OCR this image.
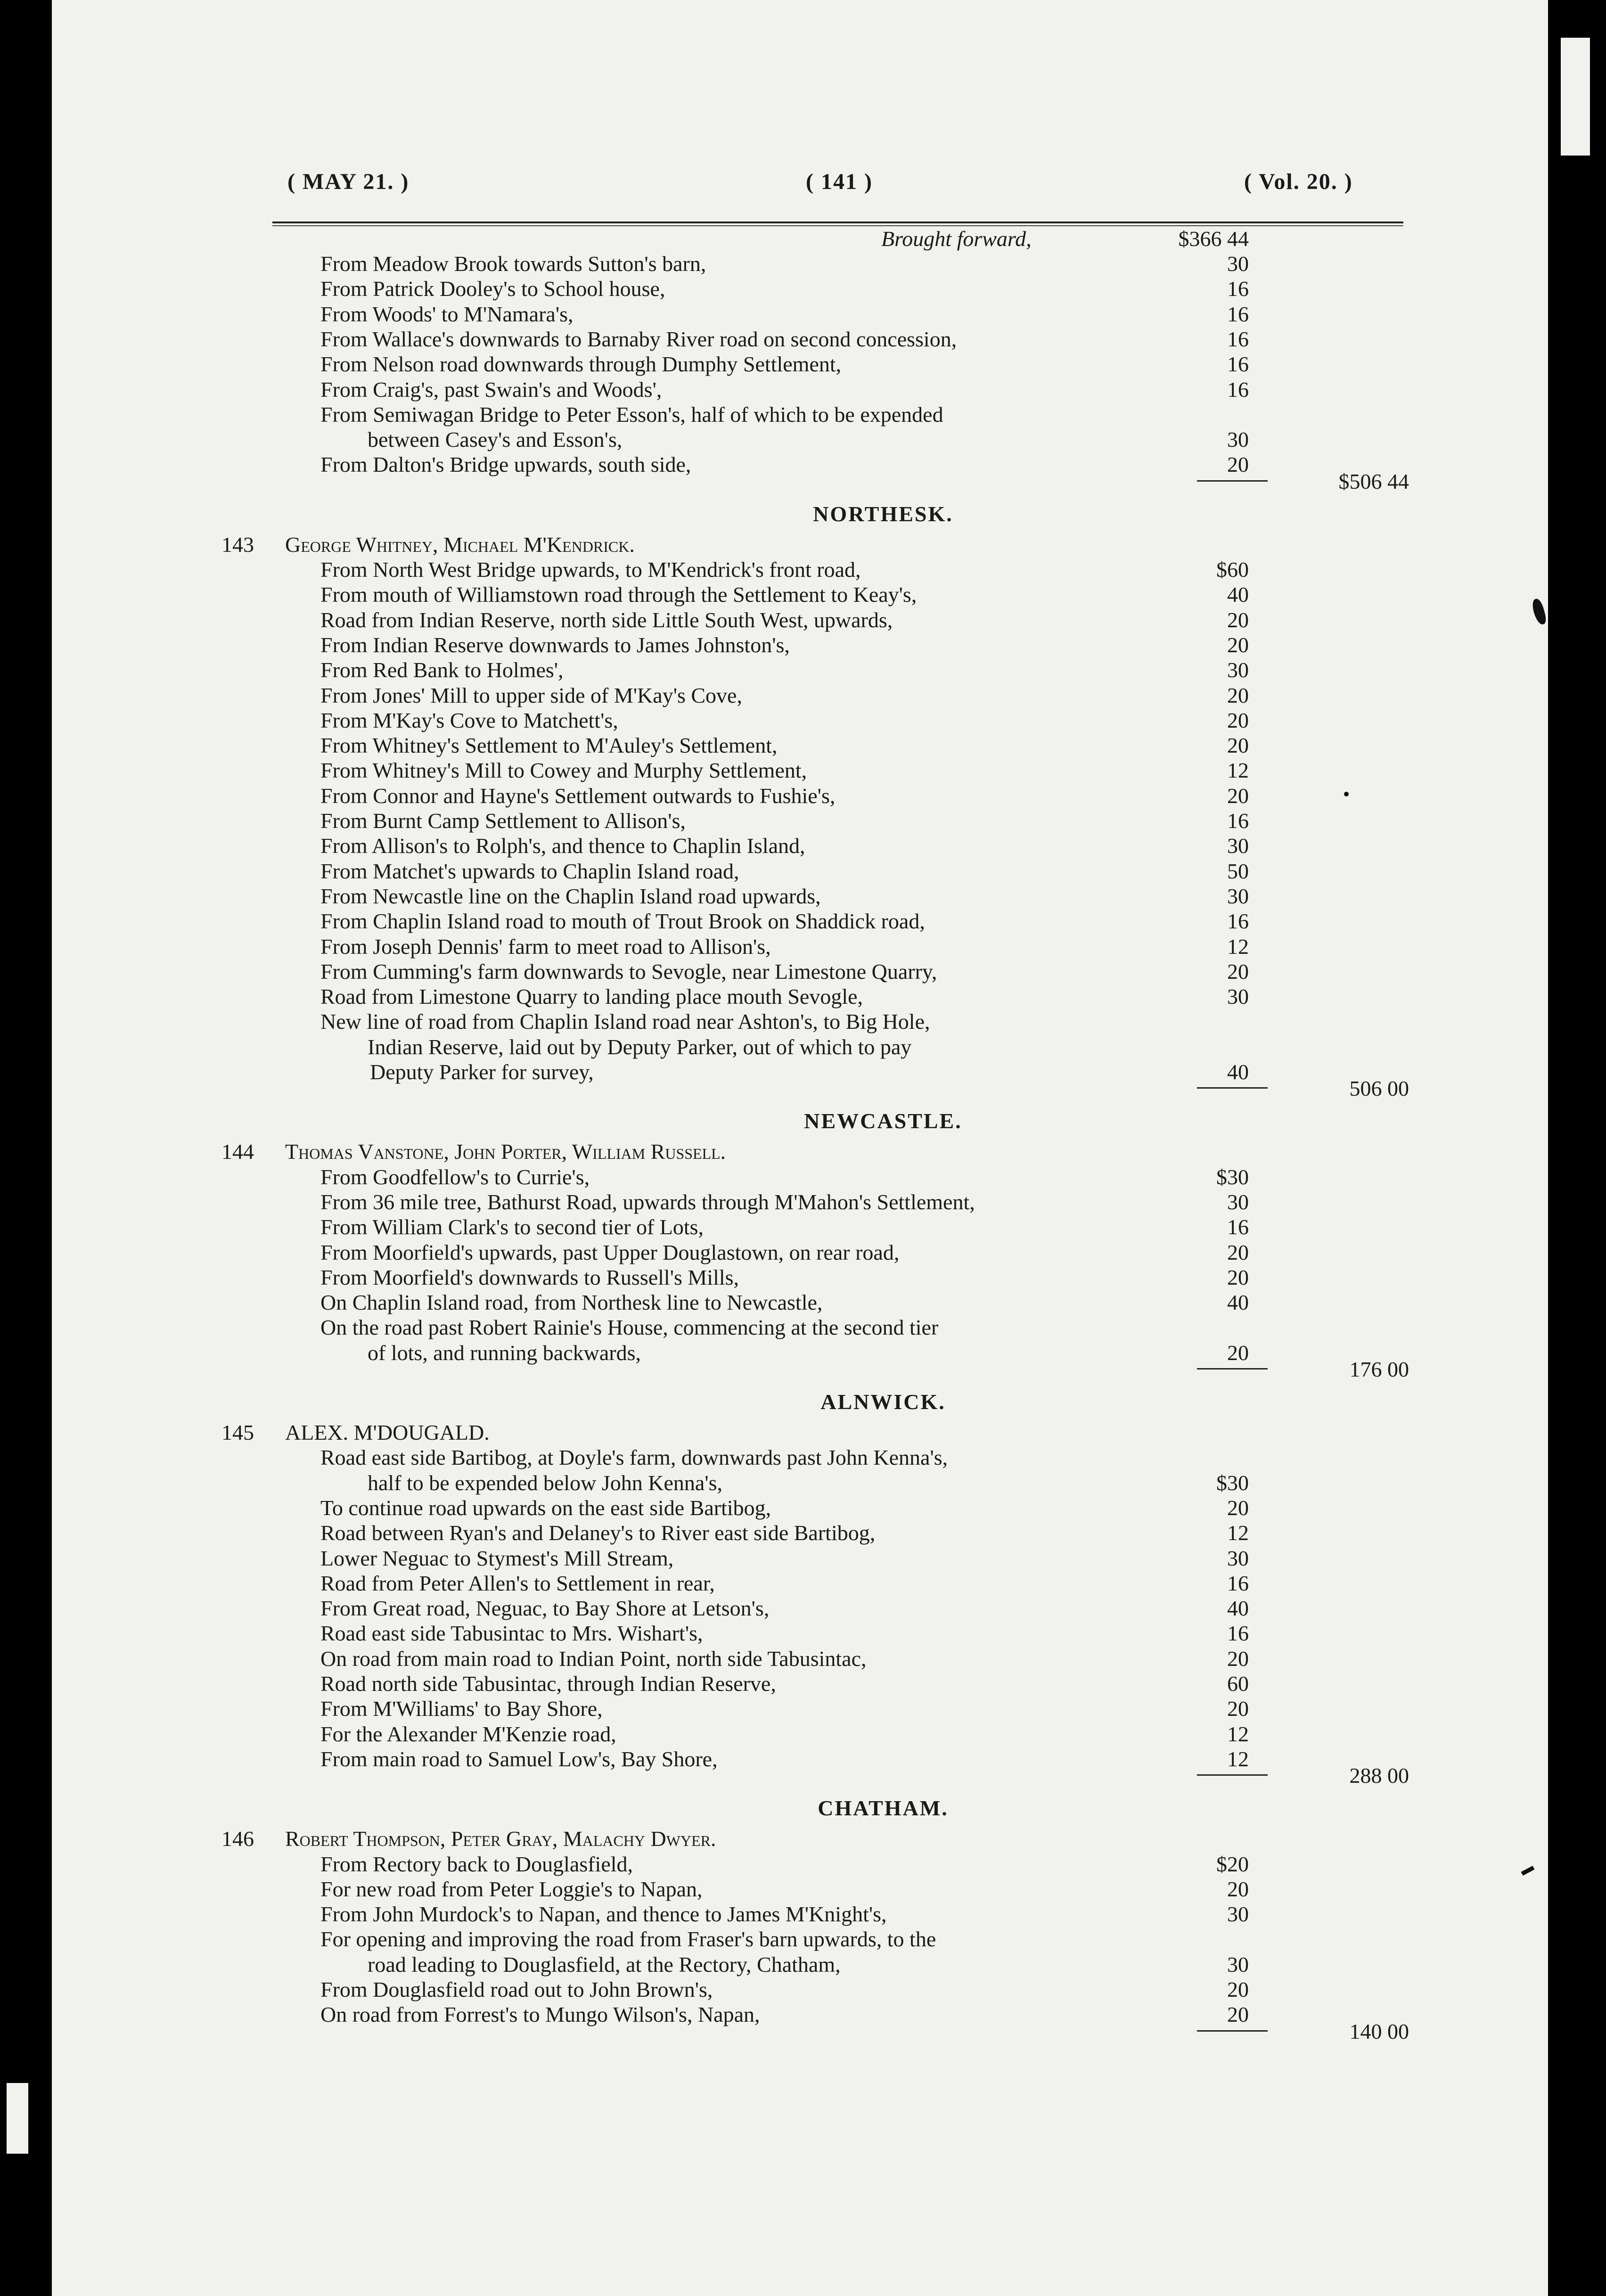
( MAY 21. )	( 141 )	( Vol. 20. )
Brought forward,	$366 44
From Meadow Brook towards Sutton's barn,	30
From Patrick Dooley's to School house,	16
From Woods' to M'Namara's,	16
From Wallace's downwards to Barnaby River road on second concession,	16
From Nelson road downwards through Dumphy Settlement,	16
From Craig's, past Swain's and Woods',	16
From Semiwagan Bridge to Peter Esson's, half of which to be expended
between Casey's and Esson's,	30
From Dalton's Bridge upwards, south side,	20
$506 44
NORTHESK.
143	George Whitney, Michael M'Kendrick.
From North West Bridge upwards, to M'Kendrick's front road,	$60
From mouth of Williamstown road through the Settlement to Keay's,	40
Road from Indian Reserve, north side Little South West, upwards,	20
From Indian Reserve downwards to James Johnston's,	20
From Red Bank to Holmes',	30
From Jones' Mill to upper side of M'Kay's Cove,	20
From M'Kay's Cove to Matchett's,	20
From Whitney's Settlement to M'Auley's Settlement,	20
From Whitney's Mill to Cowey and Murphy Settlement,	12
From Connor and Hayne's Settlement outwards to Fushie's,	20
From Burnt Camp Settlement to Allison's,	16
From Allison's to Rolph's, and thence to Chaplin Island,	30
From Matchet's upwards to Chaplin Island road,	50
From Newcastle line on the Chaplin Island road upwards,	30
From Chaplin Island road to mouth of Trout Brook on Shaddick road,	16
From Joseph Dennis' farm to meet road to Allison's,	12
From Cumming's farm downwards to Sevogle, near Limestone Quarry,	20
Road from Limestone Quarry to landing place mouth Sevogle,	30
New line of road from Chaplin Island road near Ashton's, to Big Hole,
Indian Reserve, laid out by Deputy Parker, out of which to pay
Deputy Parker for survey,	40
506 00
NEWCASTLE.
144	Thomas Vanstone, John Porter, William Russell.
From Goodfellow's to Currie's,	$30
From 36 mile tree, Bathurst Road, upwards through M'Mahon's Settlement,	30
From William Clark's to second tier of Lots,	16
From Moorfield's upwards, past Upper Douglastown, on rear road,	20
From Moorfield's downwards to Russell's Mills,	20
On Chaplin Island road, from Northesk line to Newcastle,	40
On the road past Robert Rainie's House, commencing at the second tier
of lots, and running backwards,	20
176 00
ALNWICK.
145	ALEX. M'DOUGALD.
Road east side Bartibog, at Doyle's farm, downwards past John Kenna's,
half to be expended below John Kenna's,	$30
To continue road upwards on the east side Bartibog,	20
Road between Ryan's and Delaney's to River east side Bartibog,	12
Lower Neguac to Stymest's Mill Stream,	30
Road from Peter Allen's to Settlement in rear,	16
From Great road, Neguac, to Bay Shore at Letson's,	40
Road east side Tabusintac to Mrs. Wishart's,	16
On road from main road to Indian Point, north side Tabusintac,	20
Road north side Tabusintac, through Indian Reserve,	60
From M'Williams' to Bay Shore,	20
For the Alexander M'Kenzie road,	12
From main road to Samuel Low's, Bay Shore,	12
288 00
CHATHAM.
146	Robert Thompson, Peter Gray, Malachy Dwyer.
From Rectory back to Douglasfield,	$20
For new road from Peter Loggie's to Napan,	20
From John Murdock's to Napan, and thence to James M'Knight's,	30
For opening and improving the road from Fraser's barn upwards, to the
road leading to Douglasfield, at the Rectory, Chatham,	30
From Douglasfield road out to John Brown's,	20
On road from Forrest's to Mungo Wilson's, Napan,	20
140 00
